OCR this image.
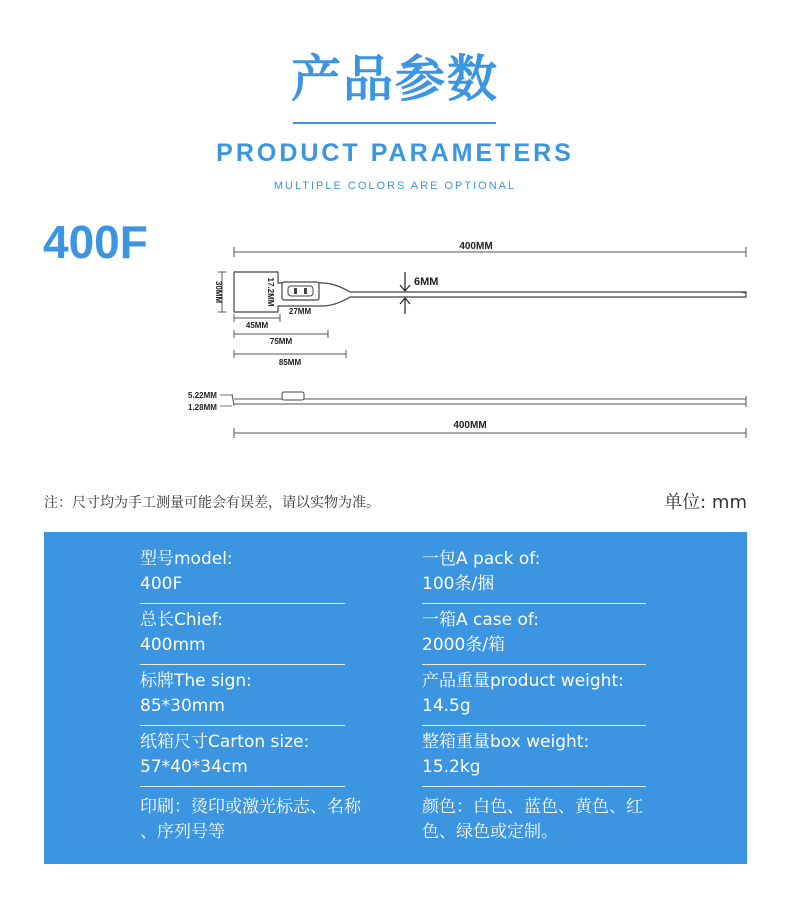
产品参数
PRODUCT PARAMETERS
MULTIPLE COLORS ARE OPTIONAL
400F	400MM
30MM	17.2MM
27MM
6MM
45MM
75MM
85MM
5.22MM
1.28MM
400MM
注：尺寸均为手工测量可能会有误差，请以实物为准。	单位: mm
型号model:
400F
总长Chief:
400mm
标牌The sign:
85*30mm
纸箱尺寸Carton size:
57*40*34cm
印刷：烫印或激光标志、名称
、序列号等
一包A pack of:
100条/捆
一箱A case of:
2000条/箱
产品重量product weight:
14.5g
整箱重量box weight:
15.2kg
颜色：白色、蓝色、黄色、红
色、绿色或定制。
